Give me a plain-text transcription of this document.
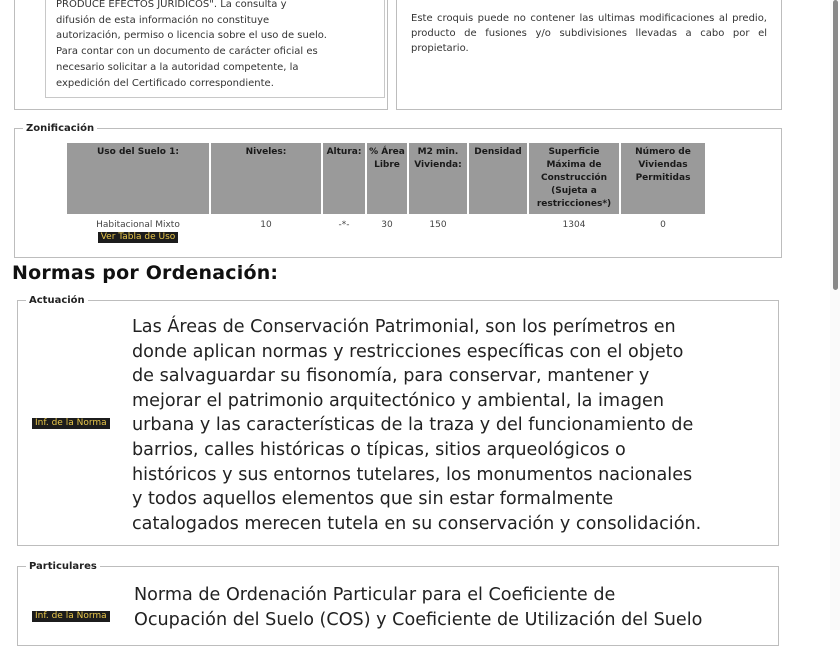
PRODUCE EFECTOS JURÍDICOS". La consulta y
difusión de esta información no constituye
autorización, permiso o licencia sobre el uso de suelo.
Para contar con un documento de carácter oficial es
necesario solicitar a la autoridad competente, la
expedición del Certificado correspondiente.
Este croquis puede no contener las ultimas modificaciones al predio, producto de fusiones y/o subdivisiones llevadas a cabo por el propietario.
Zonificación
Uso del Suelo 1:	Niveles:	Altura:	% Área Libre	M2 min. Vivienda:	Densidad	Superficie Máxima de Construcción (Sujeta a restricciones*)	Número de Viviendas Permitidas

Habitacional Mixto
Ver Tabla de Uso	10	-*-	30	150		1304	0
Normas por Ordenación:
Actuación
Inf. de la Norma
Las Áreas de Conservación Patrimonial, son los perímetros en
donde aplican normas y restricciones específicas con el objeto
de salvaguardar su fisonomía, para conservar, mantener y
mejorar el patrimonio arquitectónico y ambiental, la imagen
urbana y las características de la traza y del funcionamiento de
barrios, calles históricas o típicas, sitios arqueológicos o
históricos y sus entornos tutelares, los monumentos nacionales
y todos aquellos elementos que sin estar formalmente
catalogados merecen tutela en su conservación y consolidación.
Particulares
Inf. de la Norma
Norma de Ordenación Particular para el Coeficiente de
Ocupación del Suelo (COS) y Coeficiente de Utilización del Suelo
